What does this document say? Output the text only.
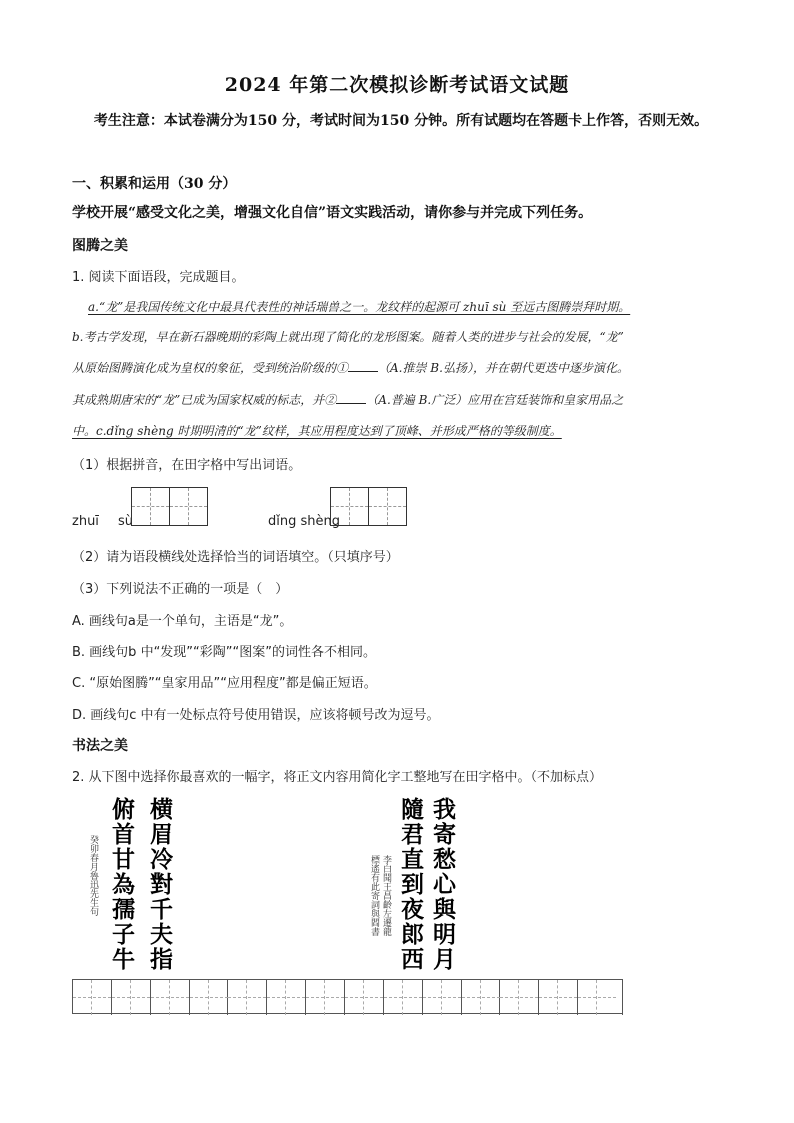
2024 年第二次模拟诊断考试语文试题
考生注意：本试卷满分为150 分，考试时间为150 分钟。所有试题均在答题卡上作答，否则无效。
一、积累和运用（30 分）
学校开展“感受文化之美，增强文化自信”语文实践活动，请你参与并完成下列任务。
图腾之美
1. 阅读下面语段，完成题目。
a.“龙”是我国传统文化中最具代表性的神话瑞兽之一。龙纹样的起源可 zhuī sù 至远古图腾崇拜时期。
b.考古学发现，早在新石器晚期的彩陶上就出现了简化的龙形图案。随着人类的进步与社会的发展，“龙”
从原始图腾演化成为皇权的象征，受到统治阶级的①	（A.推崇 B.弘扬），并在朝代更迭中逐步演化。
其成熟期唐宋的“龙”已成为国家权威的标志，并②	（A.普遍 B.广泛）应用在宫廷装饰和皇家用品之
中。c.dǐng shèng 时期明清的“龙”纹样，其应用程度达到了顶峰、并形成严格的等级制度。
（1）根据拼音，在田字格中写出词语。
zhuī sù	dǐng shèng
（2）请为语段横线处选择恰当的词语填空。（只填序号）
（3）下列说法不正确的一项是（　）
A. 画线句a是一个单句，主语是“龙”。
B. 画线句b 中“发现”“彩陶”“图案”的词性各不相同。
C. “原始图腾”“皇家用品”“应用程度”都是偏正短语。
D. 画线句c 中有一处标点符号使用错误，应该将顿号改为逗号。
书法之美
2. 从下图中选择你最喜欢的一幅字，将正文内容用简化字工整地写在田字格中。（不加标点）
癸卯春月魯迅先生句 俯首甘為孺子牛 横眉冷對千夫指	標遙有此寄詞與閻書 李白聞王昌齡左遷龍 隨君直到夜郎西 我寄愁心與明月
